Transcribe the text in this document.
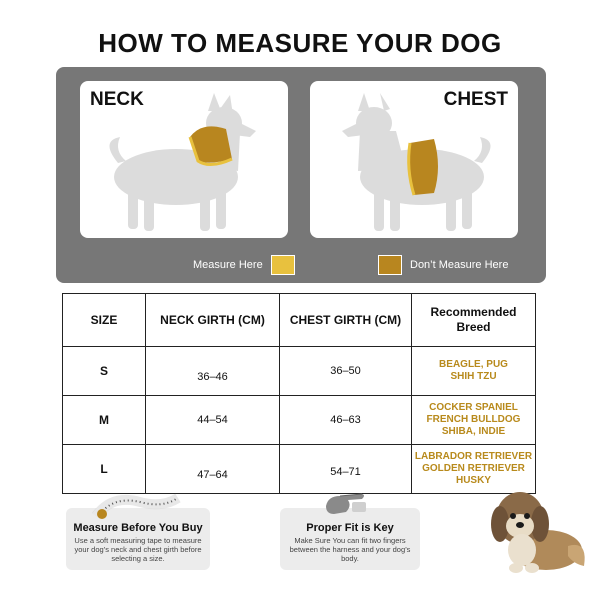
HOW TO MEASURE YOUR DOG
NECK	CHEST
Measure Here	Don’t Measure Here
SIZE	NECK GIRTH (CM)	CHEST GIRTH (CM)	Recommended Breed
S	36–46	36–50	BEAGLE, PUG
SHIH TZU

M	44–54	46–63	COCKER SPANIEL
FRENCH BULLDOG
SHIBA, INDIE

L	47–64	54–71	LABRADOR RETRIEVER
GOLDEN RETRIEVER
HUSKY
Measure Before You Buy
Use a soft measuring tape to measure your dog’s neck and chest girth before selecting a size.
Proper Fit is Key
Make Sure You can fit two fingers between the harness and your dog’s body.
